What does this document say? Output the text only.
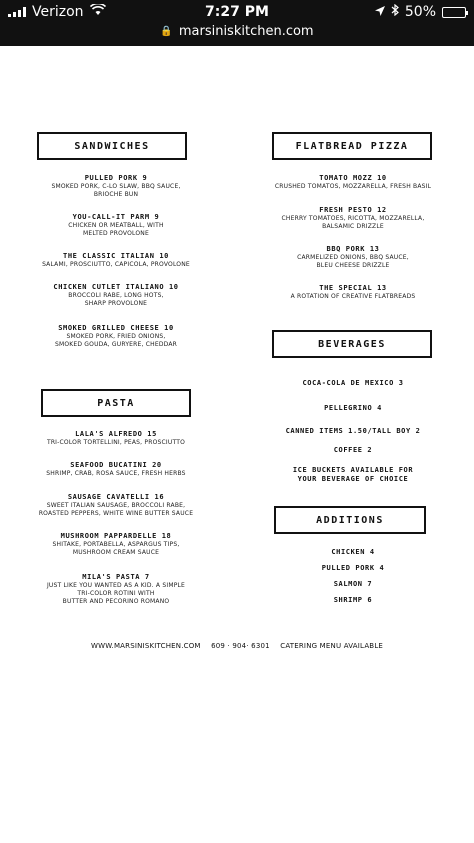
Verizon	7:27 PM	50%
🔒 marsiniskitchen.com
SANDWICHES
PULLED PORK 9
SMOKED PORK, C-LO SLAW, BBQ SAUCE,
BRIOCHE BUN
YOU-CALL-IT PARM 9
CHICKEN OR MEATBALL, WITH
MELTED PROVOLONE
THE CLASSIC ITALIAN 10
SALAMI, PROSCIUTTO, CAPICOLA, PROVOLONE
CHICKEN CUTLET ITALIANO 10
BROCCOLI RABE, LONG HOTS,
SHARP PROVOLONE
SMOKED GRILLED CHEESE 10
SMOKED PORK, FRIED ONIONS,
SMOKED GOUDA, GURYERE, CHEDDAR
PASTA
LALA'S ALFREDO 15
TRI-COLOR TORTELLINI, PEAS, PROSCIUTTO
SEAFOOD BUCATINI 20
SHRIMP, CRAB, ROSA SAUCE, FRESH HERBS
SAUSAGE CAVATELLI 16
SWEET ITALIAN SAUSAGE, BROCCOLI RABE,
ROASTED PEPPERS, WHITE WINE BUTTER SAUCE
MUSHROOM PAPPARDELLE 18
SHITAKE, PORTABELLA, ASPARGUS TIPS,
MUSHROOM CREAM SAUCE
MILA'S PASTA 7
JUST LIKE YOU WANTED AS A KID. A SIMPLE
TRI-COLOR ROTINI WITH
BUTTER AND PECORINO ROMANO
FLATBREAD PIZZA
TOMATO MOZZ 10
CRUSHED TOMATOS, MOZZARELLA, FRESH BASIL
FRESH PESTO 12
CHERRY TOMATOES, RICOTTA, MOZZARELLA,
BALSAMIC DRIZZLE
BBQ PORK 13
CARMELIZED ONIONS, BBQ SAUCE,
BLEU CHEESE DRIZZLE
THE SPECIAL 13
A ROTATION OF CREATIVE FLATBREADS
BEVERAGES
COCA-COLA DE MEXICO 3
PELLEGRINO 4
CANNED ITEMS 1.50/TALL BOY 2
COFFEE 2
ICE BUCKETS AVAILABLE FOR
YOUR BEVERAGE OF CHOICE
ADDITIONS
CHICKEN 4
PULLED PORK 4
SALMON 7
SHRIMP 6
WWW.MARSINISKITCHEN.COM 609 · 904· 6301 CATERING MENU AVAILABLE
